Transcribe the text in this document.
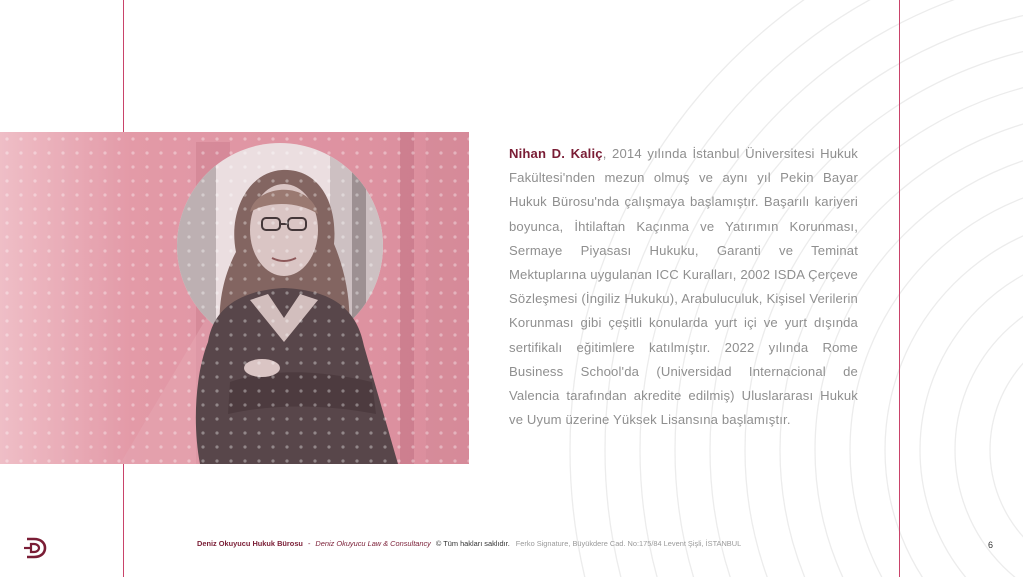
Nihan D. Kaliç, 2014 yılında İstanbul Üniversitesi Hukuk Fakültesi'nden mezun olmuş ve aynı yıl Pekin Bayar Hukuk Bürosu'nda çalışmaya başlamıştır. Başarılı kariyeri boyunca, İhtilaftan Kaçınma ve Yatırımın Korunması, Sermaye Piyasası Hukuku, Garanti ve Teminat Mektuplarına uygulanan ICC Kuralları, 2002 ISDA Çerçeve Sözleşmesi (İngiliz Hukuku), Arabuluculuk, Kişisel Verilerin Korunması gibi çeşitli konularda yurt içi ve yurt dışında sertifikalı eğitimlere katılmıştır. 2022 yılında Rome Business School'da (Universidad Internacional de Valencia tarafından akredite edilmiş) Uluslararası Hukuk ve Uyum üzerine Yüksek Lisansına başlamıştır.

Deniz Okuyucu Hukuk Bürosu - Deniz Okuyucu Law & Consultancy © Tüm hakları saklıdır. Ferko Signature, Büyükdere Cad. No:175/84 Levent Şişli, İSTANBUL	6
